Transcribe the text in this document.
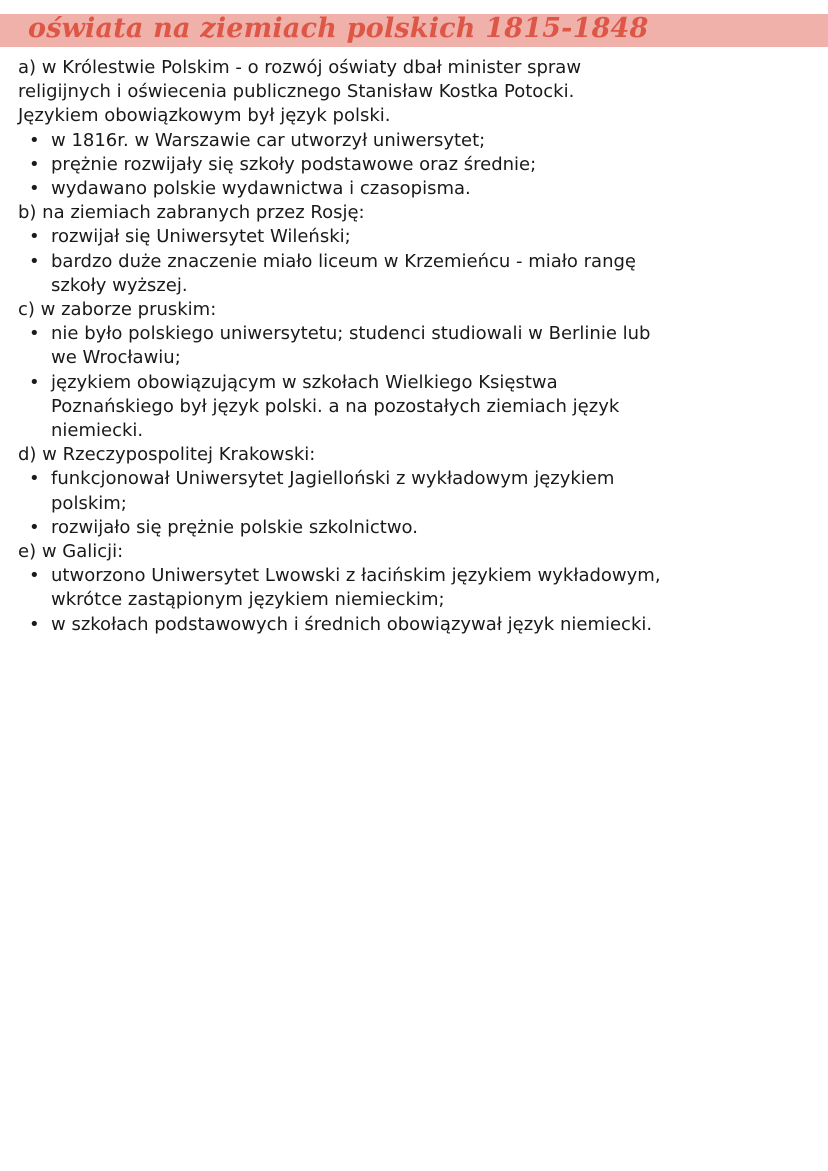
oświata na ziemiach polskich 1815-1848

a) w Królestwie Polskim - o rozwój oświaty dbał minister spraw
religijnych i oświecenia publicznego Stanisław Kostka Potocki.
Językiem obowiązkowym był język polski.

• w 1816r. w Warszawie car utworzył uniwersytet;
• prężnie rozwijały się szkoły podstawowe oraz średnie;
• wydawano polskie wydawnictwa i czasopisma.

b) na ziemiach zabranych przez Rosję:

• rozwijał się Uniwersytet Wileński;
• bardzo duże znaczenie miało liceum w Krzemieńcu - miało rangę
szkoły wyższej.

c) w zaborze pruskim:

• nie było polskiego uniwersytetu; studenci studiowali w Berlinie lub
we Wrocławiu;
• językiem obowiązującym w szkołach Wielkiego Księstwa
Poznańskiego był język polski. a na pozostałych ziemiach język
niemiecki.

d) w Rzeczypospolitej Krakowski:

• funkcjonował Uniwersytet Jagielloński z wykładowym językiem
polskim;
• rozwijało się prężnie polskie szkolnictwo.

e) w Galicji:

• utworzono Uniwersytet Lwowski z łacińskim językiem wykładowym,
wkrótce zastąpionym językiem niemieckim;
• w szkołach podstawowych i średnich obowiązywał język niemiecki.
